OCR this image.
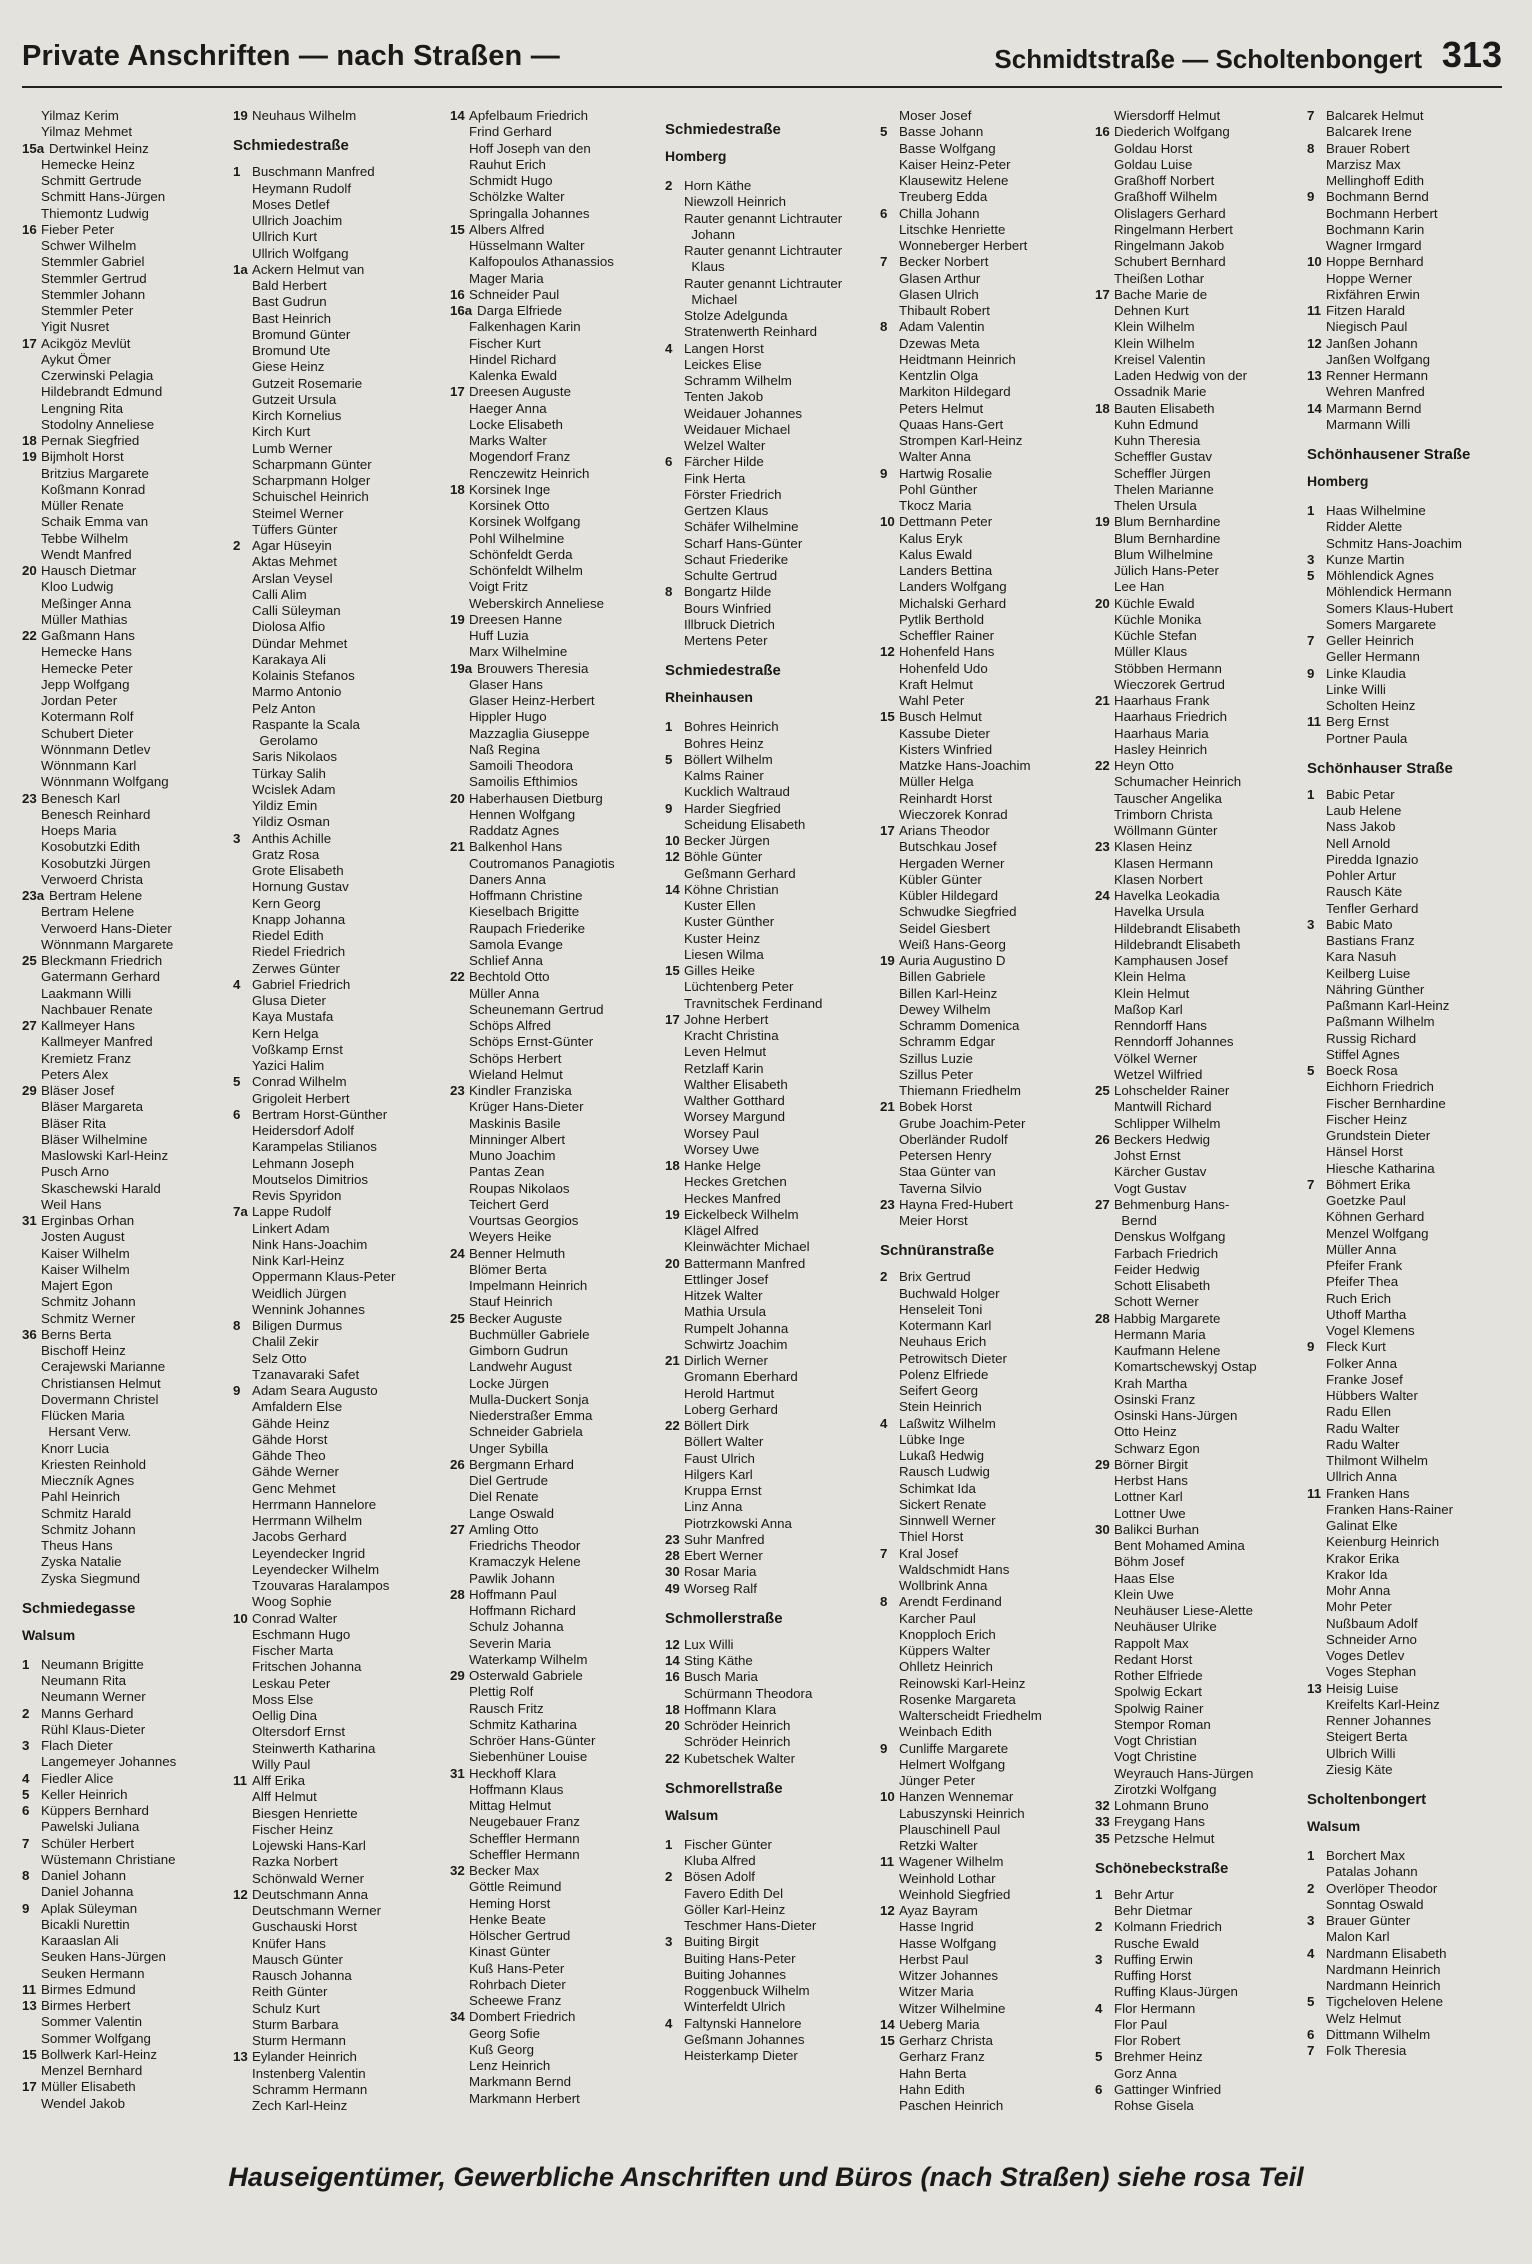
Private Anschriften — nach Straßen —	Schmidtstraße — Scholtenbongert 313
Yilmaz Kerim
Yilmaz Mehmet
15a Dertwinkel Heinz
Hemecke Heinz
Schmitt Gertrude
Schmitt Hans-Jürgen
Thiemontz Ludwig
16 Fieber Peter
Schwer Wilhelm
Stemmler Gabriel
Stemmler Gertrud
Stemmler Johann
Stemmler Peter
Yigit Nusret
17 Acikgöz Mevlüt
Aykut Ömer
Czerwinski Pelagia
Hildebrandt Edmund
Lengning Rita
Stodolny Anneliese
18 Pernak Siegfried
19 Bijmholt Horst
Britzius Margarete
Koßmann Konrad
Müller Renate
Schaik Emma van
Tebbe Wilhelm
Wendt Manfred
20 Hausch Dietmar
Kloo Ludwig
Meßinger Anna
Müller Mathias
22 Gaßmann Hans
Hemecke Hans
Hemecke Peter
Jepp Wolfgang
Jordan Peter
Kotermann Rolf
Schubert Dieter
Wönnmann Detlev
Wönnmann Karl
Wönnmann Wolfgang
23 Benesch Karl
Benesch Reinhard
Hoeps Maria
Kosobutzki Edith
Kosobutzki Jürgen
Verwoerd Christa
23a Bertram Helene
Bertram Helene
Verwoerd Hans-Dieter
Wönnmann Margarete
25 Bleckmann Friedrich
Gatermann Gerhard
Laakmann Willi
Nachbauer Renate
27 Kallmeyer Hans
Kallmeyer Manfred
Kremietz Franz
Peters Alex
29 Bläser Josef
Bläser Margareta
Bläser Rita
Bläser Wilhelmine
Maslowski Karl-Heinz
Pusch Arno
Skaschewski Harald
Weil Hans
31 Erginbas Orhan
Josten August
Kaiser Wilhelm
Kaiser Wilhelm
Majert Egon
Schmitz Johann
Schmitz Werner
36 Berns Berta
Bischoff Heinz
Cerajewski Marianne
Christiansen Helmut
Dovermann Christel
Flücken Maria
Hersant Verw.
Knorr Lucia
Kriesten Reinhold
Mieczník Agnes
Pahl Heinrich
Schmitz Harald
Schmitz Johann
Theus Hans
Zyska Natalie
Zyska Siegmund
Schmiedegasse
Walsum
1 Neumann Brigitte
Neumann Rita
Neumann Werner
2 Manns Gerhard
Rühl Klaus-Dieter
3 Flach Dieter
Langemeyer Johannes
4 Fiedler Alice
5 Keller Heinrich
6 Küppers Bernhard
Pawelski Juliana
7 Schüler Herbert
Wüstemann Christiane
8 Daniel Johann
Daniel Johanna
9 Aplak Süleyman
Bicakli Nurettin
Karaaslan Ali
Seuken Hans-Jürgen
Seuken Hermann
11 Birmes Edmund
13 Birmes Herbert
Sommer Valentin
Sommer Wolfgang
15 Bollwerk Karl-Heinz
Menzel Bernhard
17 Müller Elisabeth
Wendel Jakob
19 Neuhaus Wilhelm
Schmiedestraße
1 Buschmann Manfred
Heymann Rudolf
Moses Detlef
Ullrich Joachim
Ullrich Kurt
Ullrich Wolfgang
1a Ackern Helmut van
Bald Herbert
Bast Gudrun
Bast Heinrich
Bromund Günter
Bromund Ute
Giese Heinz
Gutzeit Rosemarie
Gutzeit Ursula
Kirch Kornelius
Kirch Kurt
Lumb Werner
Scharpmann Günter
Scharpmann Holger
Schuischel Heinrich
Steimel Werner
Tüffers Günter
2 Agar Hüseyin
Aktas Mehmet
Arslan Veysel
Calli Alim
Calli Süleyman
Diolosa Alfio
Dündar Mehmet
Karakaya Ali
Kolainis Stefanos
Marmo Antonio
Pelz Anton
Raspante la Scala
Gerolamo
Saris Nikolaos
Türkay Salih
Wcislek Adam
Yildiz Emin
Yildiz Osman
3 Anthis Achille
Gratz Rosa
Grote Elisabeth
Hornung Gustav
Kern Georg
Knapp Johanna
Riedel Edith
Riedel Friedrich
Zerwes Günter
4 Gabriel Friedrich
Glusa Dieter
Kaya Mustafa
Kern Helga
Voßkamp Ernst
Yazici Halim
5 Conrad Wilhelm
Grigoleit Herbert
6 Bertram Horst-Günther
Heidersdorf Adolf
Karampelas Stilianos
Lehmann Joseph
Moutselos Dimitrios
Revis Spyridon
7a Lappe Rudolf
Linkert Adam
Nink Hans-Joachim
Nink Karl-Heinz
Oppermann Klaus-Peter
Weidlich Jürgen
Wennink Johannes
8 Biligen Durmus
Chalil Zekir
Selz Otto
Tzanavaraki Safet
9 Adam Seara Augusto
Amfaldern Else
Gähde Heinz
Gähde Horst
Gähde Theo
Gähde Werner
Genc Mehmet
Herrmann Hannelore
Herrmann Wilhelm
Jacobs Gerhard
Leyendecker Ingrid
Leyendecker Wilhelm
Tzouvaras Haralampos
Woog Sophie
10 Conrad Walter
Eschmann Hugo
Fischer Marta
Fritschen Johanna
Leskau Peter
Moss Else
Oellig Dina
Oltersdorf Ernst
Steinwerth Katharina
Willy Paul
11 Alff Erika
Alff Helmut
Biesgen Henriette
Fischer Heinz
Lojewski Hans-Karl
Razka Norbert
Schönwald Werner
12 Deutschmann Anna
Deutschmann Werner
Guschauski Horst
Knüfer Hans
Mausch Günter
Rausch Johanna
Reith Günter
Schulz Kurt
Sturm Barbara
Sturm Hermann
13 Eylander Heinrich
Instenberg Valentin
Schramm Hermann
Zech Karl-Heinz
14 Apfelbaum Friedrich
Frind Gerhard
Hoff Joseph van den
Rauhut Erich
Schmidt Hugo
Schölzke Walter
Springalla Johannes
15 Albers Alfred
Hüsselmann Walter
Kalfopoulos Athanassios
Mager Maria
16 Schneider Paul
16a Darga Elfriede
Falkenhagen Karin
Fischer Kurt
Hindel Richard
Kalenka Ewald
17 Dreesen Auguste
Haeger Anna
Locke Elisabeth
Marks Walter
Mogendorf Franz
Renczewitz Heinrich
18 Korsinek Inge
Korsinek Otto
Korsinek Wolfgang
Pohl Wilhelmine
Schönfeldt Gerda
Schönfeldt Wilhelm
Voigt Fritz
Weberskirch Anneliese
19 Dreesen Hanne
Huff Luzia
Marx Wilhelmine
19a Brouwers Theresia
Glaser Hans
Glaser Heinz-Herbert
Hippler Hugo
Mazzaglia Giuseppe
Naß Regina
Samoili Theodora
Samoilis Efthimios
20 Haberhausen Dietburg
Hennen Wolfgang
Raddatz Agnes
21 Balkenhol Hans
Coutromanos Panagiotis
Daners Anna
Hoffmann Christine
Kieselbach Brigitte
Raupach Friederike
Samola Evange
Schlief Anna
22 Bechtold Otto
Müller Anna
Scheunemann Gertrud
Schöps Alfred
Schöps Ernst-Günter
Schöps Herbert
Wieland Helmut
23 Kindler Franziska
Krüger Hans-Dieter
Maskinis Basile
Minninger Albert
Muno Joachim
Pantas Zean
Roupas Nikolaos
Teichert Gerd
Vourtsas Georgios
Weyers Heike
24 Benner Helmuth
Blömer Berta
Impelmann Heinrich
Stauf Heinrich
25 Becker Auguste
Buchmüller Gabriele
Gimborn Gudrun
Landwehr August
Locke Jürgen
Mulla-Duckert Sonja
Niederstraßer Emma
Schneider Gabriela
Unger Sybilla
26 Bergmann Erhard
Diel Gertrude
Diel Renate
Lange Oswald
27 Amling Otto
Friedrichs Theodor
Kramaczyk Helene
Pawlik Johann
28 Hoffmann Paul
Hoffmann Richard
Schulz Johanna
Severin Maria
Waterkamp Wilhelm
29 Osterwald Gabriele
Plettig Rolf
Rausch Fritz
Schmitz Katharina
Schröer Hans-Günter
Siebenhüner Louise
31 Heckhoff Klara
Hoffmann Klaus
Mittag Helmut
Neugebauer Franz
Scheffler Hermann
Scheffler Hermann
32 Becker Max
Göttle Reimund
Heming Horst
Henke Beate
Hölscher Gertrud
Kinast Günter
Kuß Hans-Peter
Rohrbach Dieter
Scheewe Franz
34 Dombert Friedrich
Georg Sofie
Kuß Georg
Lenz Heinrich
Markmann Bernd
Markmann Herbert
Schmiedestraße
Homberg
2 Horn Käthe
Niewzoll Heinrich
Rauter genannt Lichtrauter
Johann
Rauter genannt Lichtrauter
Klaus
Rauter genannt Lichtrauter
Michael
Stolze Adelgunda
Stratenwerth Reinhard
4 Langen Horst
Leickes Elise
Schramm Wilhelm
Tenten Jakob
Weidauer Johannes
Weidauer Michael
Welzel Walter
6 Färcher Hilde
Fink Herta
Förster Friedrich
Gertzen Klaus
Schäfer Wilhelmine
Scharf Hans-Günter
Schaut Friederike
Schulte Gertrud
8 Bongartz Hilde
Bours Winfried
Illbruck Dietrich
Mertens Peter
Schmiedestraße
Rheinhausen
1 Bohres Heinrich
Bohres Heinz
5 Böllert Wilhelm
Kalms Rainer
Kucklich Waltraud
9 Harder Siegfried
Scheidung Elisabeth
10 Becker Jürgen
12 Böhle Günter
Geßmann Gerhard
14 Köhne Christian
Kuster Ellen
Kuster Günther
Kuster Heinz
Liesen Wilma
15 Gilles Heike
Lüchtenberg Peter
Travnitschek Ferdinand
17 Johne Herbert
Kracht Christina
Leven Helmut
Retzlaff Karin
Walther Elisabeth
Walther Gotthard
Worsey Margund
Worsey Paul
Worsey Uwe
18 Hanke Helge
Heckes Gretchen
Heckes Manfred
19 Eickelbeck Wilhelm
Klägel Alfred
Kleinwächter Michael
20 Battermann Manfred
Ettlinger Josef
Hitzek Walter
Mathia Ursula
Rumpelt Johanna
Schwirtz Joachim
21 Dirlich Werner
Gromann Eberhard
Herold Hartmut
Loberg Gerhard
22 Böllert Dirk
Böllert Walter
Faust Ulrich
Hilgers Karl
Kruppa Ernst
Linz Anna
Piotrzkowski Anna
23 Suhr Manfred
28 Ebert Werner
30 Rosar Maria
49 Worseg Ralf
Schmollerstraße
12 Lux Willi
14 Sting Käthe
16 Busch Maria
Schürmann Theodora
18 Hoffmann Klara
20 Schröder Heinrich
Schröder Heinrich
22 Kubetschek Walter
Schmorellstraße
Walsum
1 Fischer Günter
Kluba Alfred
2 Bösen Adolf
Favero Edith Del
Göller Karl-Heinz
Teschmer Hans-Dieter
3 Buiting Birgit
Buiting Hans-Peter
Buiting Johannes
Roggenbuck Wilhelm
Winterfeldt Ulrich
4 Faltynski Hannelore
Geßmann Johannes
Heisterkamp Dieter
Moser Josef
5 Basse Johann
Basse Wolfgang
Kaiser Heinz-Peter
Klausewitz Helene
Treuberg Edda
6 Chilla Johann
Litschke Henriette
Wonneberger Herbert
7 Becker Norbert
Glasen Arthur
Glasen Ulrich
Thibault Robert
8 Adam Valentin
Dzewas Meta
Heidtmann Heinrich
Kentzlin Olga
Markiton Hildegard
Peters Helmut
Quaas Hans-Gert
Strompen Karl-Heinz
Walter Anna
9 Hartwig Rosalie
Pohl Günther
Tkocz Maria
10 Dettmann Peter
Kalus Eryk
Kalus Ewald
Landers Bettina
Landers Wolfgang
Michalski Gerhard
Pytlik Berthold
Scheffler Rainer
12 Hohenfeld Hans
Hohenfeld Udo
Kraft Helmut
Wahl Peter
15 Busch Helmut
Kassube Dieter
Kisters Winfried
Matzke Hans-Joachim
Müller Helga
Reinhardt Horst
Wieczorek Konrad
17 Arians Theodor
Butschkau Josef
Hergaden Werner
Kübler Günter
Kübler Hildegard
Schwudke Siegfried
Seidel Giesbert
Weiß Hans-Georg
19 Auria Augustino D
Billen Gabriele
Billen Karl-Heinz
Dewey Wilhelm
Schramm Domenica
Schramm Edgar
Szillus Luzie
Szillus Peter
Thiemann Friedhelm
21 Bobek Horst
Grube Joachim-Peter
Oberländer Rudolf
Petersen Henry
Staa Günter van
Taverna Silvio
23 Hayna Fred-Hubert
Meier Horst
Schnüranstraße
2 Brix Gertrud
Buchwald Holger
Henseleit Toni
Kotermann Karl
Neuhaus Erich
Petrowitsch Dieter
Polenz Elfriede
Seifert Georg
Stein Heinrich
4 Laßwitz Wilhelm
Lübke Inge
Lukaß Hedwig
Rausch Ludwig
Schimkat Ida
Sickert Renate
Sinnwell Werner
Thiel Horst
7 Kral Josef
Waldschmidt Hans
Wollbrink Anna
8 Arendt Ferdinand
Karcher Paul
Knopploch Erich
Küppers Walter
Ohlletz Heinrich
Reinowski Karl-Heinz
Rosenke Margareta
Walterscheidt Friedhelm
Weinbach Edith
9 Cunliffe Margarete
Helmert Wolfgang
Jünger Peter
10 Hanzen Wennemar
Labuszynski Heinrich
Plauschinell Paul
Retzki Walter
11 Wagener Wilhelm
Weinhold Lothar
Weinhold Siegfried
12 Ayaz Bayram
Hasse Ingrid
Hasse Wolfgang
Herbst Paul
Witzer Johannes
Witzer Maria
Witzer Wilhelmine
14 Ueberg Maria
15 Gerharz Christa
Gerharz Franz
Hahn Berta
Hahn Edith
Paschen Heinrich
Wiersdorff Helmut
16 Diederich Wolfgang
Goldau Horst
Goldau Luise
Graßhoff Norbert
Graßhoff Wilhelm
Olislagers Gerhard
Ringelmann Herbert
Ringelmann Jakob
Schubert Bernhard
Theißen Lothar
17 Bache Marie de
Dehnen Kurt
Klein Wilhelm
Klein Wilhelm
Kreisel Valentin
Laden Hedwig von der
Ossadnik Marie
18 Bauten Elisabeth
Kuhn Edmund
Kuhn Theresia
Scheffler Gustav
Scheffler Jürgen
Thelen Marianne
Thelen Ursula
19 Blum Bernhardine
Blum Bernhardine
Blum Wilhelmine
Jülich Hans-Peter
Lee Han
20 Küchle Ewald
Küchle Monika
Küchle Stefan
Müller Klaus
Stöbben Hermann
Wieczorek Gertrud
21 Haarhaus Frank
Haarhaus Friedrich
Haarhaus Maria
Hasley Heinrich
22 Heyn Otto
Schumacher Heinrich
Tauscher Angelika
Trimborn Christa
Wöllmann Günter
23 Klasen Heinz
Klasen Hermann
Klasen Norbert
24 Havelka Leokadia
Havelka Ursula
Hildebrandt Elisabeth
Hildebrandt Elisabeth
Kamphausen Josef
Klein Helma
Klein Helmut
Maßop Karl
Renndorff Hans
Renndorff Johannes
Völkel Werner
Wetzel Wilfried
25 Lohschelder Rainer
Mantwill Richard
Schlipper Wilhelm
26 Beckers Hedwig
Johst Ernst
Kärcher Gustav
Vogt Gustav
27 Behmenburg Hans-
Bernd
Denskus Wolfgang
Farbach Friedrich
Feider Hedwig
Schott Elisabeth
Schott Werner
28 Habbig Margarete
Hermann Maria
Kaufmann Helene
Komartschewskyj Ostap
Krah Martha
Osinski Franz
Osinski Hans-Jürgen
Otto Heinz
Schwarz Egon
29 Börner Birgit
Herbst Hans
Lottner Karl
Lottner Uwe
30 Balikci Burhan
Bent Mohamed Amina
Böhm Josef
Haas Else
Klein Uwe
Neuhäuser Liese-Alette
Neuhäuser Ulrike
Rappolt Max
Redant Horst
Rother Elfriede
Spolwig Eckart
Spolwig Rainer
Stempor Roman
Vogt Christian
Vogt Christine
Weyrauch Hans-Jürgen
Zirotzki Wolfgang
32 Lohmann Bruno
33 Freygang Hans
35 Petzsche Helmut
Schönebeckstraße
1 Behr Artur
Behr Dietmar
2 Kolmann Friedrich
Rusche Ewald
3 Ruffing Erwin
Ruffing Horst
Ruffing Klaus-Jürgen
4 Flor Hermann
Flor Paul
Flor Robert
5 Brehmer Heinz
Gorz Anna
6 Gattinger Winfried
Rohse Gisela
7 Balcarek Helmut
Balcarek Irene
8 Brauer Robert
Marzisz Max
Mellinghoff Edith
9 Bochmann Bernd
Bochmann Herbert
Bochmann Karin
Wagner Irmgard
10 Hoppe Bernhard
Hoppe Werner
Rixfähren Erwin
11 Fitzen Harald
Niegisch Paul
12 Janßen Johann
Janßen Wolfgang
13 Renner Hermann
Wehren Manfred
14 Marmann Bernd
Marmann Willi
Schönhausener Straße
Homberg
1 Haas Wilhelmine
Ridder Alette
Schmitz Hans-Joachim
3 Kunze Martin
5 Möhlendick Agnes
Möhlendick Hermann
Somers Klaus-Hubert
Somers Margarete
7 Geller Heinrich
Geller Hermann
9 Linke Klaudia
Linke Willi
Scholten Heinz
11 Berg Ernst
Portner Paula
Schönhauser Straße
1 Babic Petar
Laub Helene
Nass Jakob
Nell Arnold
Piredda Ignazio
Pohler Artur
Rausch Käte
Tenfler Gerhard
3 Babic Mato
Bastians Franz
Kara Nasuh
Keilberg Luise
Nähring Günther
Paßmann Karl-Heinz
Paßmann Wilhelm
Russig Richard
Stiffel Agnes
5 Boeck Rosa
Eichhorn Friedrich
Fischer Bernhardine
Fischer Heinz
Grundstein Dieter
Hänsel Horst
Hiesche Katharina
7 Böhmert Erika
Goetzke Paul
Köhnen Gerhard
Menzel Wolfgang
Müller Anna
Pfeifer Frank
Pfeifer Thea
Ruch Erich
Uthoff Martha
Vogel Klemens
9 Fleck Kurt
Folker Anna
Franke Josef
Hübbers Walter
Radu Ellen
Radu Walter
Radu Walter
Thilmont Wilhelm
Ullrich Anna
11 Franken Hans
Franken Hans-Rainer
Galinat Elke
Keienburg Heinrich
Krakor Erika
Krakor Ida
Mohr Anna
Mohr Peter
Nußbaum Adolf
Schneider Arno
Voges Detlev
Voges Stephan
13 Heisig Luise
Kreifelts Karl-Heinz
Renner Johannes
Steigert Berta
Ulbrich Willi
Ziesig Käte
Scholtenbongert
Walsum
1 Borchert Max
Patalas Johann
2 Overlöper Theodor
Sonntag Oswald
3 Brauer Günter
Malon Karl
4 Nardmann Elisabeth
Nardmann Heinrich
Nardmann Heinrich
5 Tigcheloven Helene
Welz Helmut
6 Dittmann Wilhelm
7 Folk Theresia
Hauseigentümer, Gewerbliche Anschriften und Büros (nach Straßen) siehe rosa Teil
